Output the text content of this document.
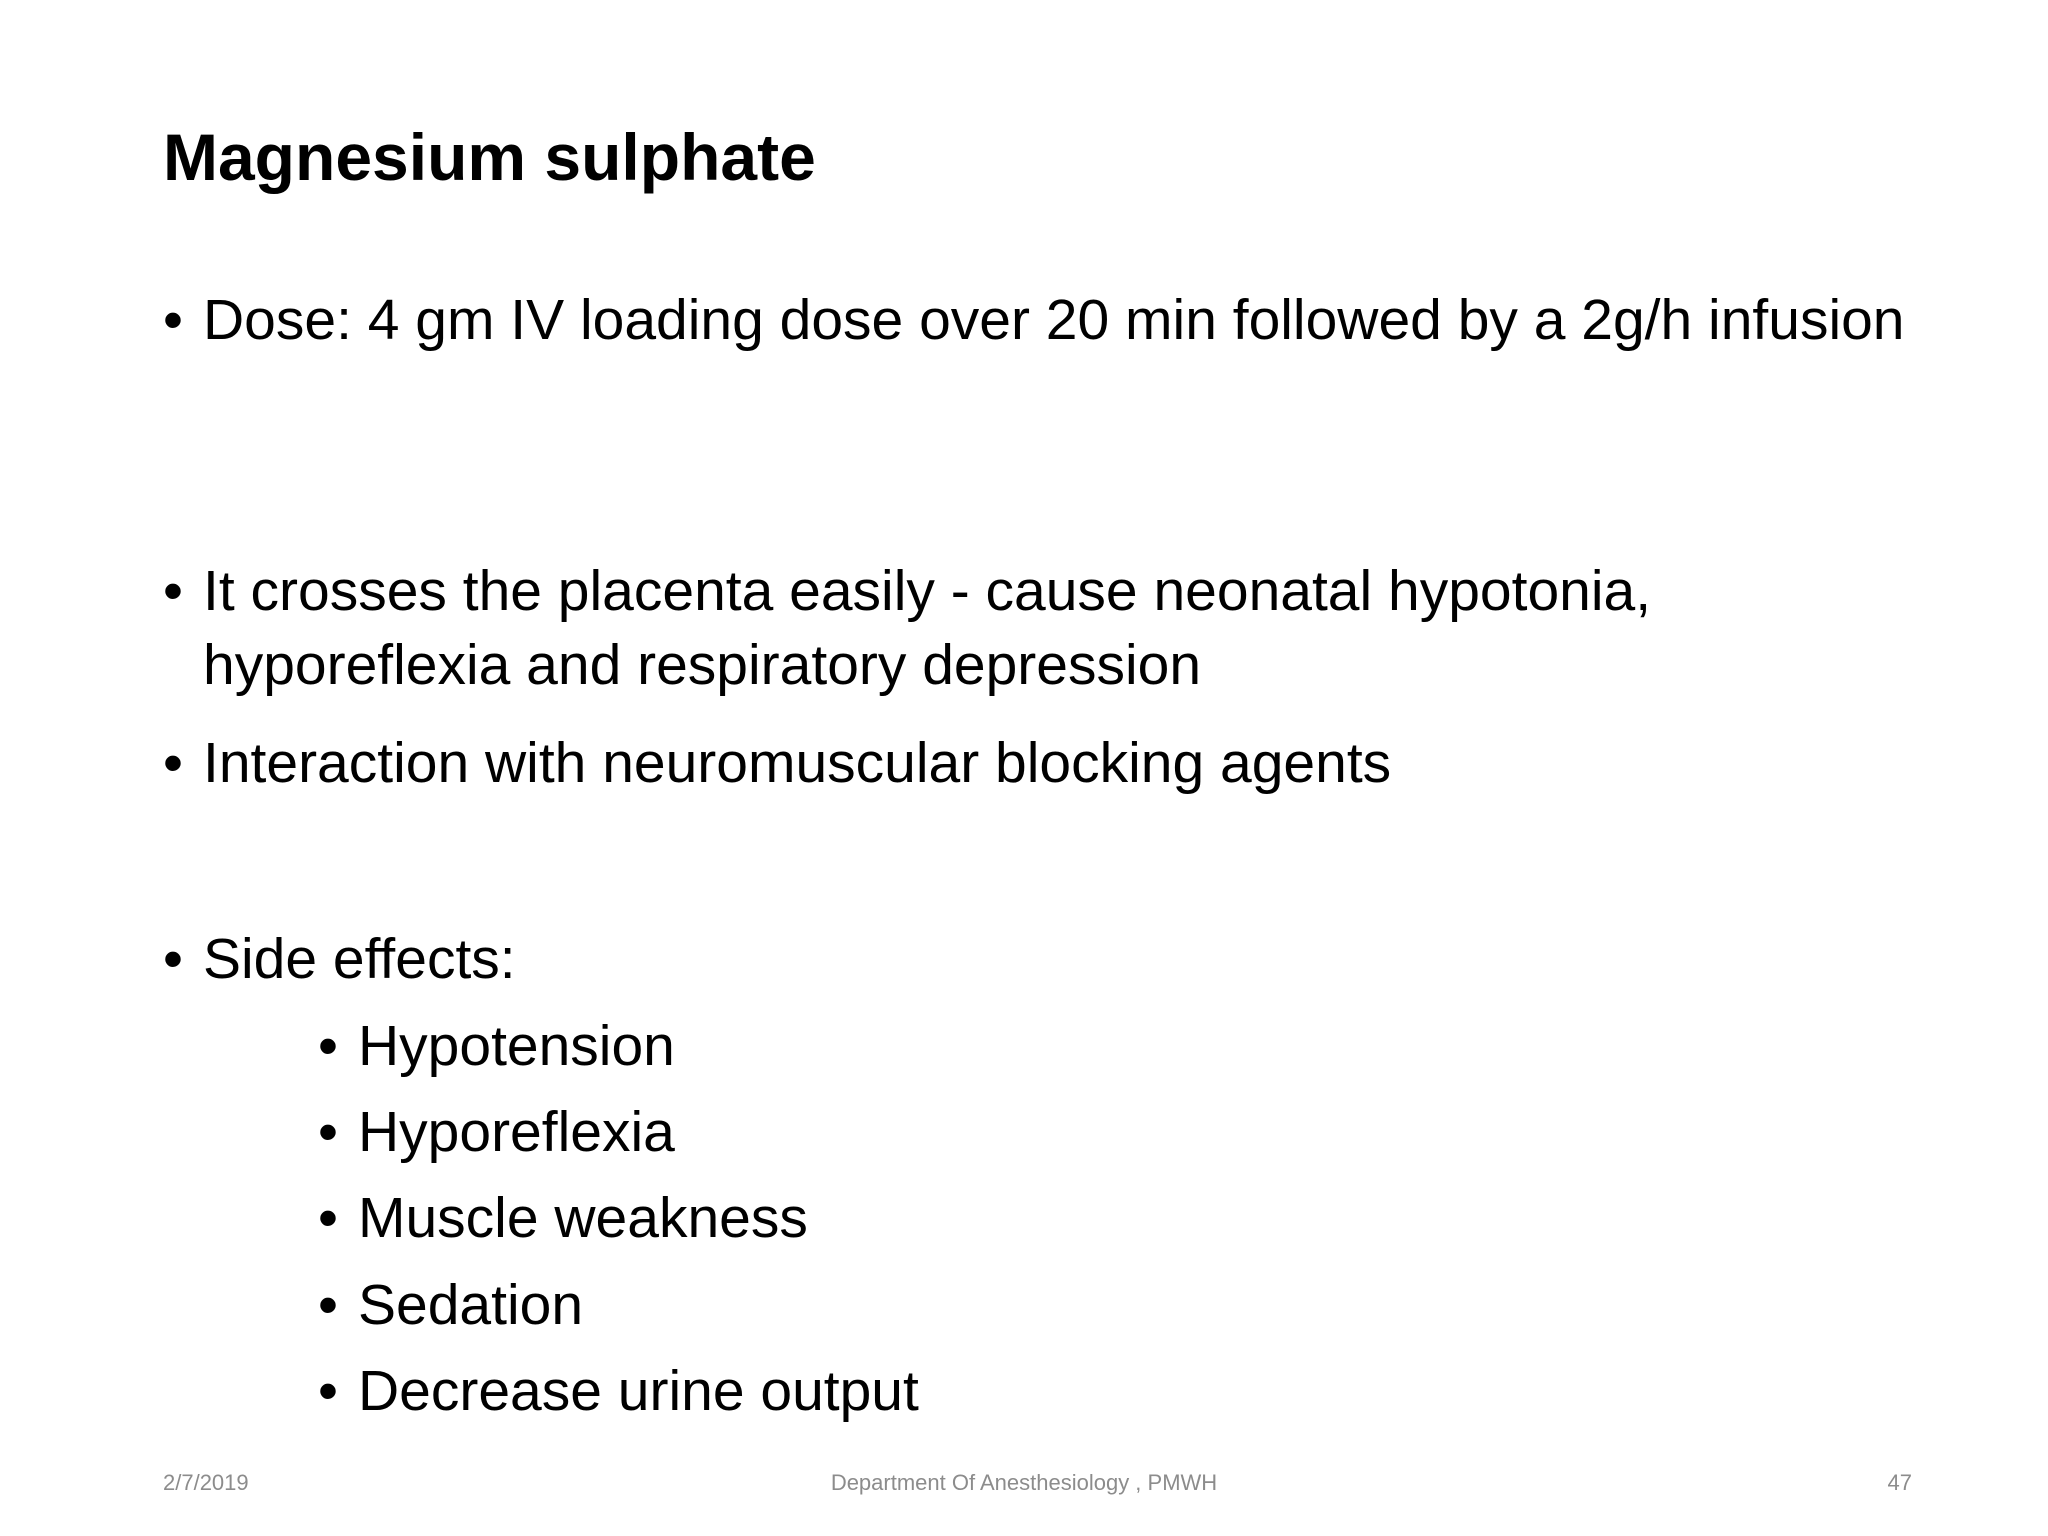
Magnesium sulphate
• Dose: 4 gm IV loading dose over 20 min followed by a 2g/h infusion
• It crosses the placenta easily - cause neonatal hypotonia, hyporeflexia and respiratory depression
• Interaction with neuromuscular blocking agents
• Side effects:
• Hypotension
• Hyporeflexia
• Muscle weakness
• Sedation
• Decrease urine output
2/7/2019	Department Of Anesthesiology , PMWH	47
